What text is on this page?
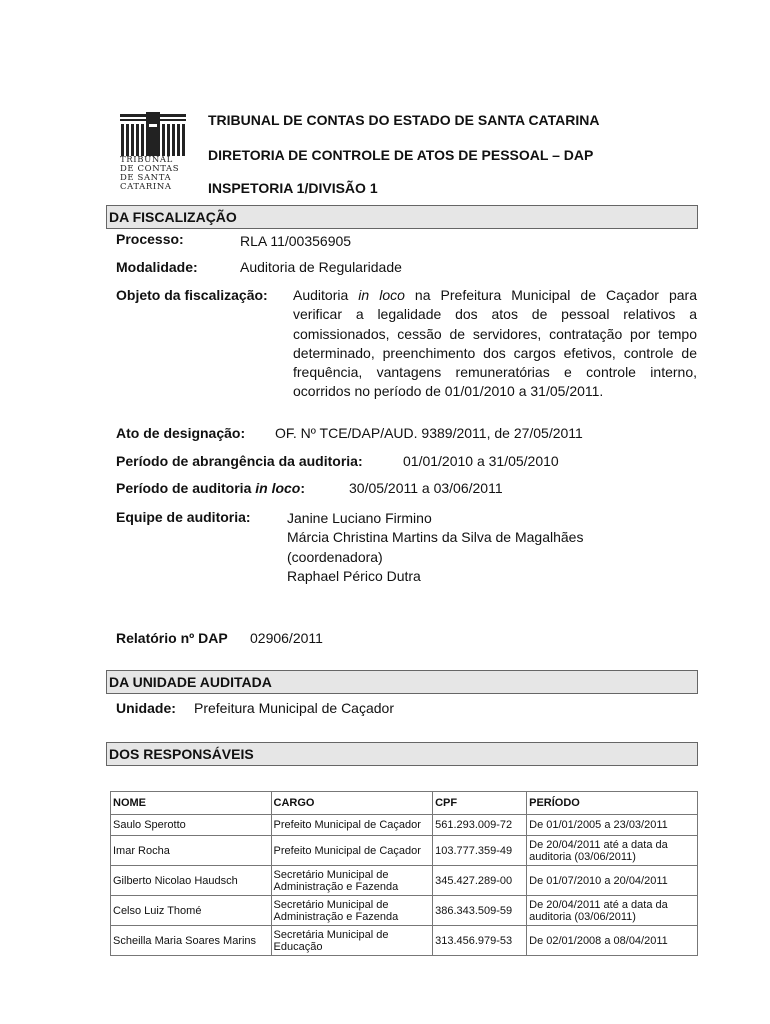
TRIBUNAL
DE CONTAS
DE SANTA
CATARINA
TRIBUNAL DE CONTAS DO ESTADO DE SANTA CATARINA
DIRETORIA DE CONTROLE DE ATOS DE PESSOAL – DAP
INSPETORIA 1/DIVISÃO 1
DA FISCALIZAÇÃO
Processo:	RLA 11/00356905
Modalidade:	Auditoria de Regularidade
Objeto da fiscalização: Auditoria in loco na Prefeitura Municipal de Caçador para verificar a legalidade dos atos de pessoal relativos a comissionados, cessão de servidores, contratação por tempo determinado, preenchimento dos cargos efetivos, controle de frequência, vantagens remuneratórias e controle interno, ocorridos no período de 01/01/2010 a 31/05/2011.
Ato de designação: OF. Nº TCE/DAP/AUD. 9389/2011, de 27/05/2011
Período de abrangência da auditoria:	01/01/2010 a 31/05/2010
Período de auditoria in loco:	30/05/2011 a 03/06/2011
Equipe de auditoria:	Janine Luciano Firmino
Márcia Christina Martins da Silva de Magalhães
(coordenadora)
Raphael Périco Dutra
Relatório nº DAP 02906/2011
DA UNIDADE AUDITADA
Unidade: Prefeitura Municipal de Caçador
DOS RESPONSÁVEIS
NOME	CARGO	CPF	PERÍODO
Saulo Sperotto	Prefeito Municipal de Caçador	561.293.009-72	De 01/01/2005 a 23/03/2011
Imar Rocha	Prefeito Municipal de Caçador	103.777.359-49	De 20/04/2011 até a data da auditoria (03/06/2011)
Gilberto Nicolao Haudsch	Secretário Municipal de Administração e Fazenda	345.427.289-00	De 01/07/2010 a 20/04/2011
Celso Luiz Thomé	Secretário Municipal de Administração e Fazenda	386.343.509-59	De 20/04/2011 até a data da auditoria (03/06/2011)
Scheilla Maria Soares Marins	Secretária Municipal de Educação	313.456.979-53	De 02/01/2008 a 08/04/2011
